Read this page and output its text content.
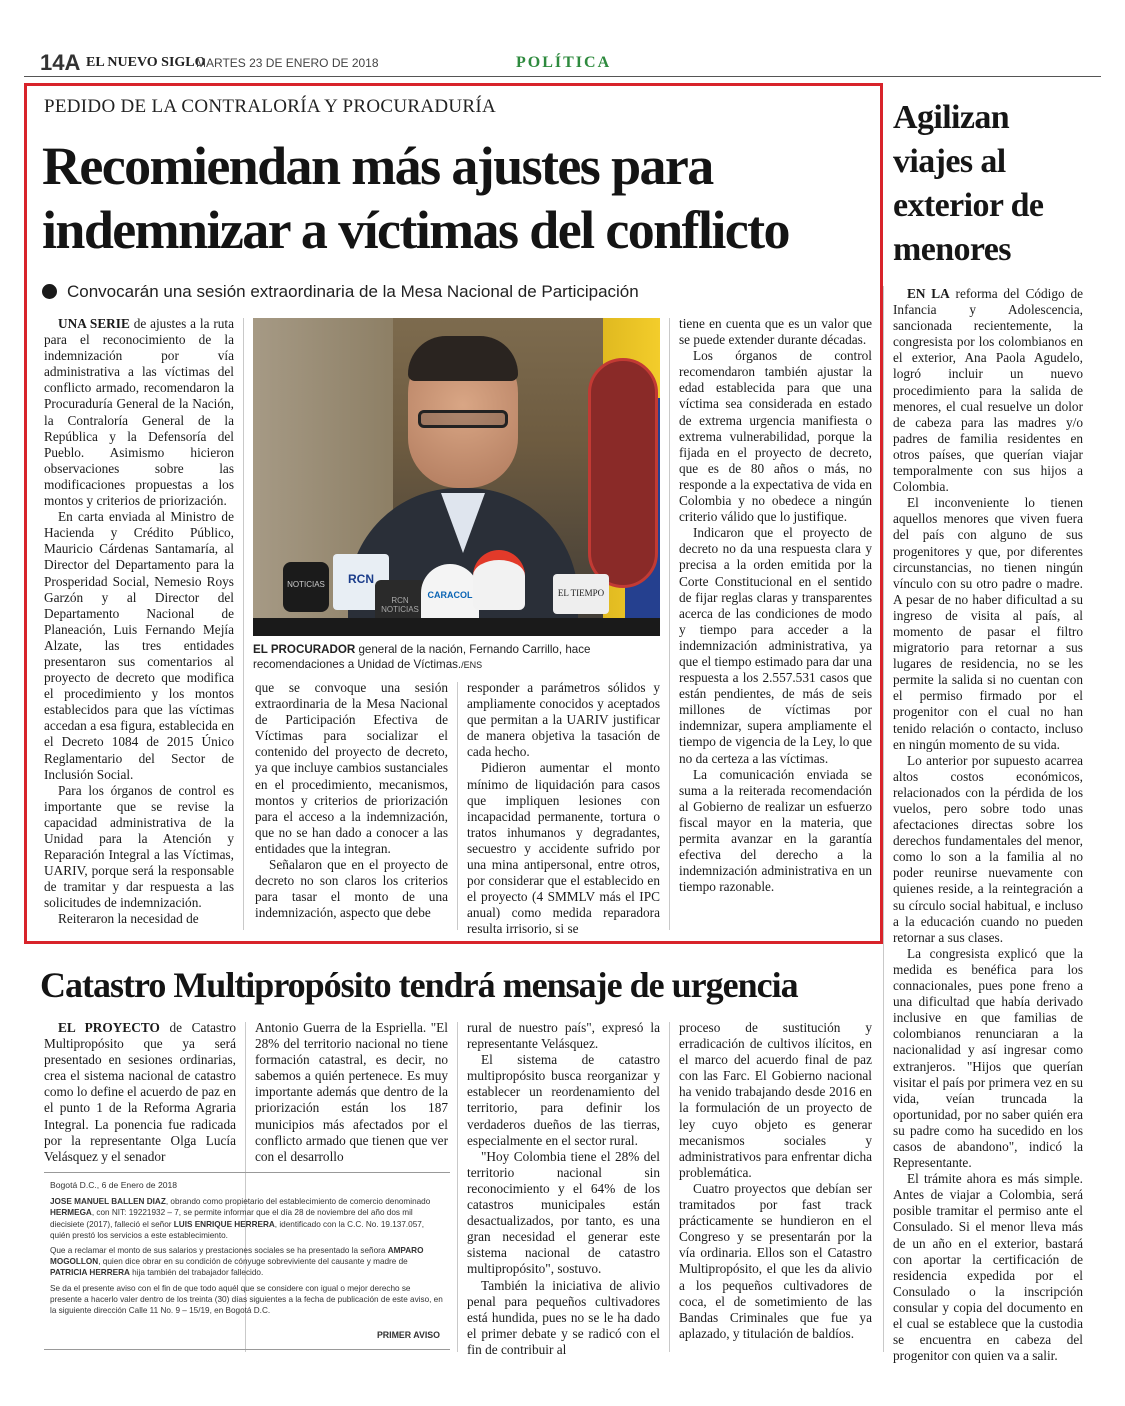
14A EL NUEVO SIGLO
MARTES 23 DE ENERO DE 2018	POLÍTICA
PEDIDO DE LA CONTRALORÍA Y PROCURADURÍA
Recomiendan más ajustes para
indemnizar a víctimas del conflicto
Convocarán una sesión extraordinaria de la Mesa Nacional de Participación

UNA SERIE de ajustes a la ruta para el reconocimiento de la indemnización por vía administrativa a las víctimas del conflicto armado, recomendaron la Procuraduría General de la Nación, la Contraloría General de la República y la Defensoría del Pueblo. Asimismo hicieron observaciones sobre las modificaciones propuestas a los montos y criterios de priorización.

En carta enviada al Ministro de Hacienda y Crédito Público, Mauricio Cárdenas Santamaría, al Director del Departamento para la Prosperidad Social, Nemesio Roys Garzón y al Director del Departamento Nacional de Planeación, Luis Fernando Mejía Alzate, las tres entidades presentaron sus comentarios al proyecto de decreto que modifica el procedimiento y los montos establecidos para que las víctimas accedan a esa figura, establecida en el Decreto 1084 de 2015 Único Reglamentario del Sector de Inclusión Social.

Para los órganos de control es importante que se revise la capacidad administrativa de la Unidad para la Atención y Reparación Integral a las Víctimas, UARIV, porque será la responsable de tramitar y dar respuesta a las solicitudes de indemnización.

Reiteraron la necesidad de

NOTICIAS	RCN
RCN NOTICIAS
CARACOL	EL TIEMPO
EL PROCURADOR general de la nación, Fernando Carrillo, hace recomendaciones a Unidad de Víctimas./ENS

que se convoque una sesión extraordinaria de la Mesa Nacional de Participación Efectiva de Víctimas para socializar el contenido del proyecto de decreto, ya que incluye cambios sustanciales en el procedimiento, mecanismos, montos y criterios de priorización para el acceso a la indemnización, que no se han dado a conocer a las entidades que la integran.

Señalaron que en el proyecto de decreto no son claros los criterios para tasar el monto de una indemnización, aspecto que debe

responder a parámetros sólidos y ampliamente conocidos y aceptados que permitan a la UARIV justificar de manera objetiva la tasación de cada hecho.

Pidieron aumentar el monto mínimo de liquidación para casos que impliquen lesiones con incapacidad permanente, tortura o tratos inhumanos y degradantes, secuestro y accidente sufrido por una mina antipersonal, entre otros, por considerar que el establecido en el proyecto (4 SMMLV más el IPC anual) como medida reparadora resulta irrisorio, si se

tiene en cuenta que es un valor que se puede extender durante décadas.

Los órganos de control recomendaron también ajustar la edad establecida para que una víctima sea considerada en estado de extrema urgencia manifiesta o extrema vulnerabilidad, porque la fijada en el proyecto de decreto, que es de 80 años o más, no responde a la expectativa de vida en Colombia y no obedece a ningún criterio válido que lo justifique.

Indicaron que el proyecto de decreto no da una respuesta clara y precisa a la orden emitida por la Corte Constitucional en el sentido de fijar reglas claras y transparentes acerca de las condiciones de modo y tiempo para acceder a la indemnización administrativa, ya que el tiempo estimado para dar una respuesta a los 2.557.531 casos que están pendientes, de más de seis millones de víctimas por indemnizar, supera ampliamente el tiempo de vigencia de la Ley, lo que no da certeza a las víctimas.

La comunicación enviada se suma a la reiterada recomendación al Gobierno de realizar un esfuerzo fiscal mayor en la materia, que permita avanzar en la garantía efectiva del derecho a la indemnización administrativa en un tiempo razonable.

Agilizan
viajes al
exterior de
menores

EN LA reforma del Código de Infancia y Adolescencia, sancionada recientemente, la congresista por los colombianos en el exterior, Ana Paola Agudelo, logró incluir un nuevo procedimiento para la salida de menores, el cual resuelve un dolor de cabeza para las madres y/o padres de familia residentes en otros países, que querían viajar temporalmente con sus hijos a Colombia.

El inconveniente lo tienen aquellos menores que viven fuera del país con alguno de sus progenitores y que, por diferentes circunstancias, no tienen ningún vínculo con su otro padre o madre. A pesar de no haber dificultad a su ingreso de visita al país, al momento de pasar el filtro migratorio para retornar a sus lugares de residencia, no se les permite la salida si no cuentan con el permiso firmado por el progenitor con el cual no han tenido relación o contacto, incluso en ningún momento de su vida.

Lo anterior por supuesto acarrea altos costos económicos, relacionados con la pérdida de los vuelos, pero sobre todo unas afectaciones directas sobre los derechos fundamentales del menor, como lo son a la familia al no poder reunirse nuevamente con quienes reside, a la reintegración a su círculo social habitual, e incluso a la educación cuando no pueden retornar a sus clases.

La congresista explicó que la medida es benéfica para los connacionales, pues pone freno a una dificultad que había derivado inclusive en que familias de colombianos renunciaran a la nacionalidad y así ingresar como extranjeros. "Hijos que querían visitar el país por primera vez en su vida, veían truncada la oportunidad, por no saber quién era su padre como ha sucedido en los casos de abandono", indicó la Representante.

El trámite ahora es más simple. Antes de viajar a Colombia, será posible tramitar el permiso ante el Consulado. Si el menor lleva más de un año en el exterior, bastará con aportar la certificación de residencia expedida por el Consulado o la inscripción consular y copia del documento en el cual se establece que la custodia se encuentra en cabeza del progenitor con quien va a salir.

Catastro Multipropósito tendrá mensaje de urgencia

EL PROYECTO de Catastro Multipropósito que ya será presentado en sesiones ordinarias, crea el sistema nacional de catastro como lo define el acuerdo de paz en el punto 1 de la Reforma Agraria Integral. La ponencia fue radicada por la representante Olga Lucía Velásquez y el senador

Antonio Guerra de la Espriella. "El 28% del territorio nacional no tiene formación catastral, es decir, no sabemos a quién pertenece. Es muy importante además que dentro de la priorización están los 187 municipios más afectados por el conflicto armado que tienen que ver con el desarrollo

rural de nuestro país", expresó la representante Velásquez.

El sistema de catastro multipropósito busca reorganizar y establecer un reordenamiento del territorio, para definir los verdaderos dueños de las tierras, especialmente en el sector rural.

"Hoy Colombia tiene el 28% del territorio nacional sin reconocimiento y el 64% de los catastros municipales están desactualizados, por tanto, es una gran necesidad el generar este sistema nacional de catastro multipropósito", sostuvo.

También la iniciativa de alivio penal para pequeños cultivadores está hundida, pues no se le ha dado el primer debate y se radicó con el fin de contribuir al

proceso de sustitución y erradicación de cultivos ilícitos, en el marco del acuerdo final de paz con las Farc. El Gobierno nacional ha venido trabajando desde 2016 en la formulación de un proyecto de ley cuyo objeto es generar mecanismos sociales y administrativos para enfrentar dicha problemática.

Cuatro proyectos que debían ser tramitados por fast track prácticamente se hundieron en el Congreso y se presentarán por la vía ordinaria. Ellos son el Catastro Multipropósito, el que les da alivio a los pequeños cultivadores de coca, el de sometimiento de las Bandas Criminales que fue ya aplazado, y titulación de baldíos.

Bogotá D.C., 6 de Enero de 2018
JOSE MANUEL BALLEN DIAZ, obrando como propietario del establecimiento de comercio denominado HERMEGA, con NIT: 19221932 – 7, se permite informar que el día 28 de noviembre del año dos mil diecisiete (2017), falleció el señor LUIS ENRIQUE HERRERA, identificado con la C.C. No. 19.137.057, quién prestó los servicios a este establecimiento.
Que a reclamar el monto de sus salarios y prestaciones sociales se ha presentado la señora AMPARO MOGOLLON, quien dice obrar en su condición de cónyuge sobreviviente del causante y madre de PATRICIA HERRERA hija también del trabajador fallecido.
Se da el presente aviso con el fin de que todo aquél que se considere con igual o mejor derecho se presente a hacerlo valer dentro de los treinta (30) días siguientes a la fecha de publicación de este aviso, en la siguiente dirección Calle 11 No. 9 – 15/19, en Bogotá D.C.
PRIMER AVISO
